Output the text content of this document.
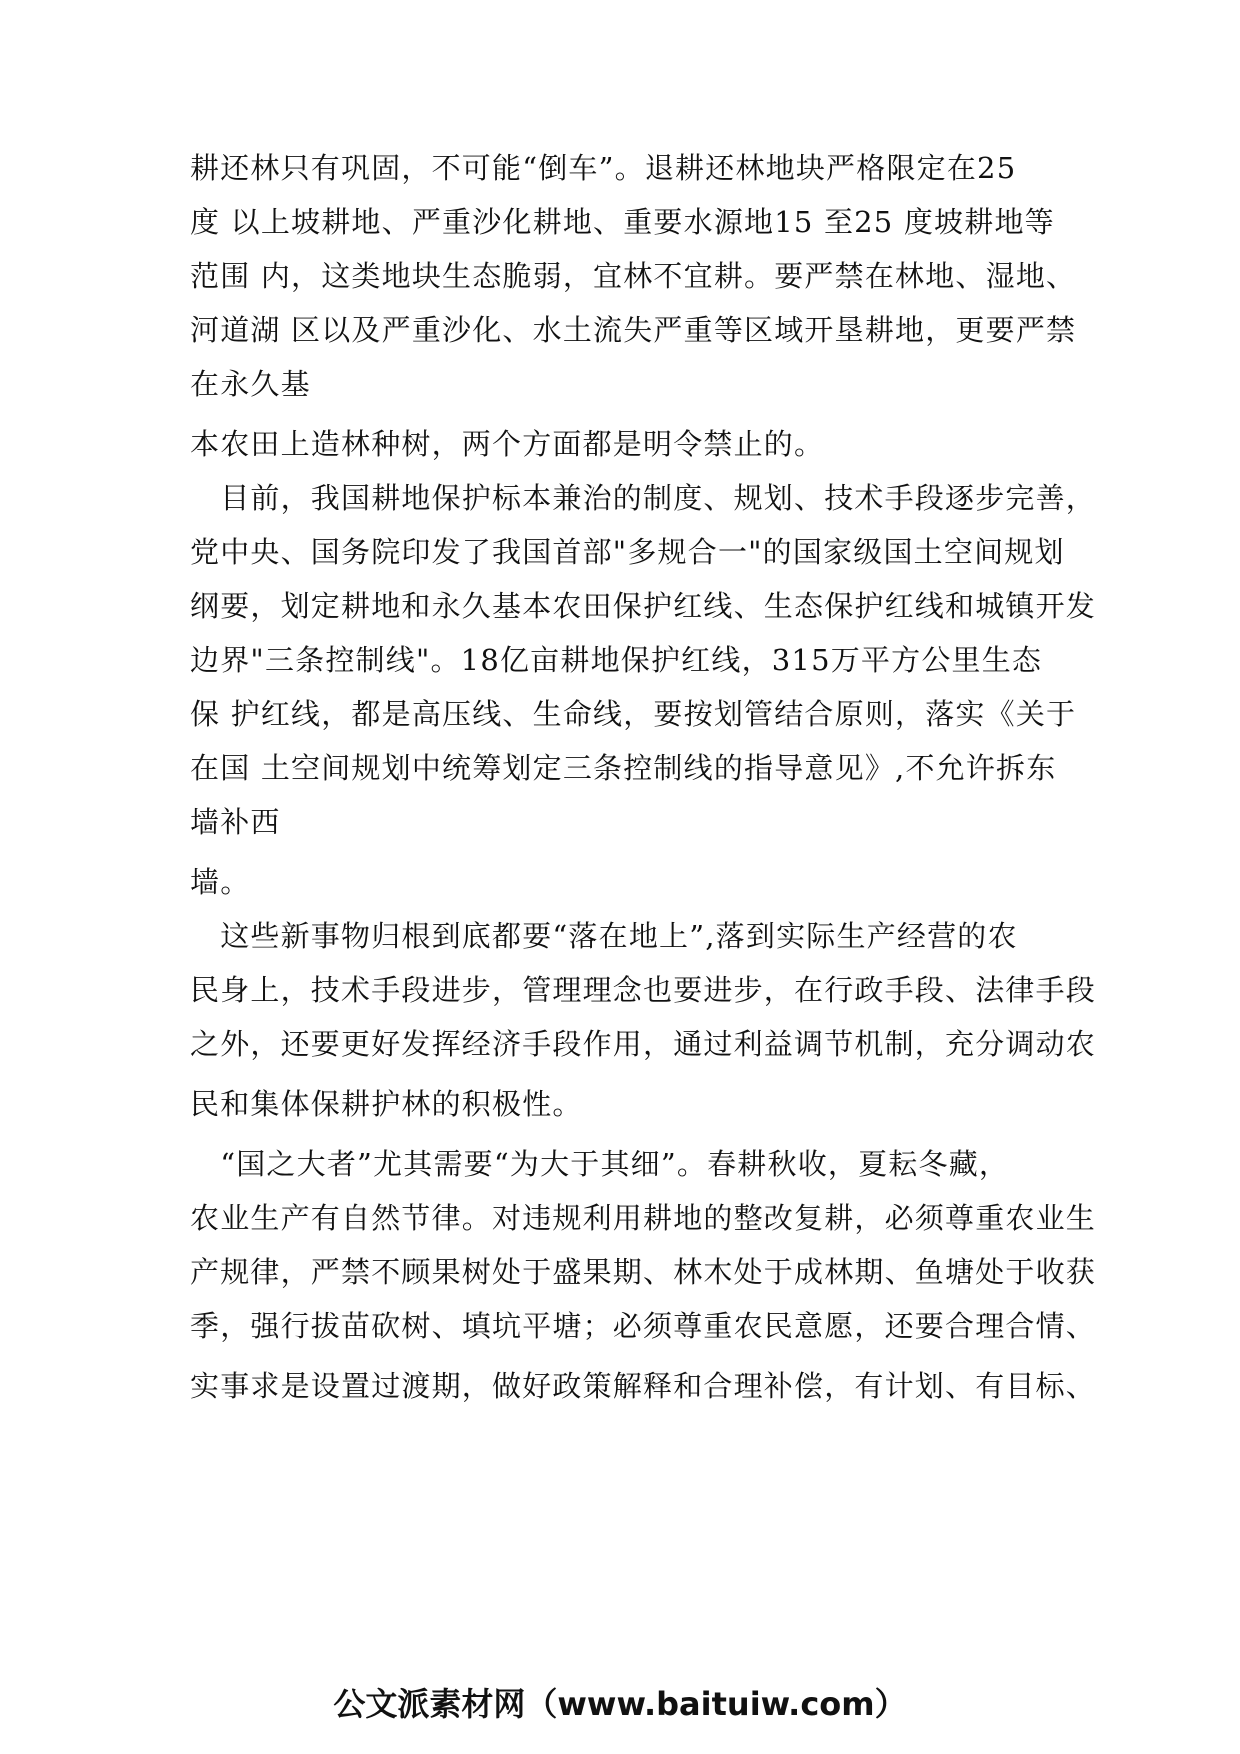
耕还林只有巩固，不可能“倒车”。退耕还林地块严格限定在25
度 以上坡耕地、严重沙化耕地、重要水源地15 至25 度坡耕地等
范围 内，这类地块生态脆弱，宜林不宜耕。要严禁在林地、湿地、
河道湖 区以及严重沙化、水土流失严重等区域开垦耕地，更要严禁
在永久基
本农田上造林种树，两个方面都是明令禁止的。
　目前，我国耕地保护标本兼治的制度、规划、技术手段逐步完善，
党中央、国务院印发了我国首部"多规合一"的国家级国土空间规划
纲要，划定耕地和永久基本农田保护红线、生态保护红线和城镇开发
边界"三条控制线"。18亿亩耕地保护红线，315万平方公里生态
保 护红线，都是高压线、生命线，要按划管结合原则，落实《关于
在国 土空间规划中统筹划定三条控制线的指导意见》,不允许拆东
墙补西
墙。
　这些新事物归根到底都要“落在地上”,落到实际生产经营的农
民身上，技术手段进步，管理理念也要进步，在行政手段、法律手段
之外，还要更好发挥经济手段作用，通过利益调节机制，充分调动农
民和集体保耕护林的积极性。
　“国之大者”尤其需要“为大于其细”。春耕秋收，夏耘冬藏，
农业生产有自然节律。对违规利用耕地的整改复耕，必须尊重农业生
产规律，严禁不顾果树处于盛果期、林木处于成林期、鱼塘处于收获
季，强行拔苗砍树、填坑平塘；必须尊重农民意愿，还要合理合情、
实事求是设置过渡期，做好政策解释和合理补偿，有计划、有目标、
公文派素材网（www.baituiw.com）
